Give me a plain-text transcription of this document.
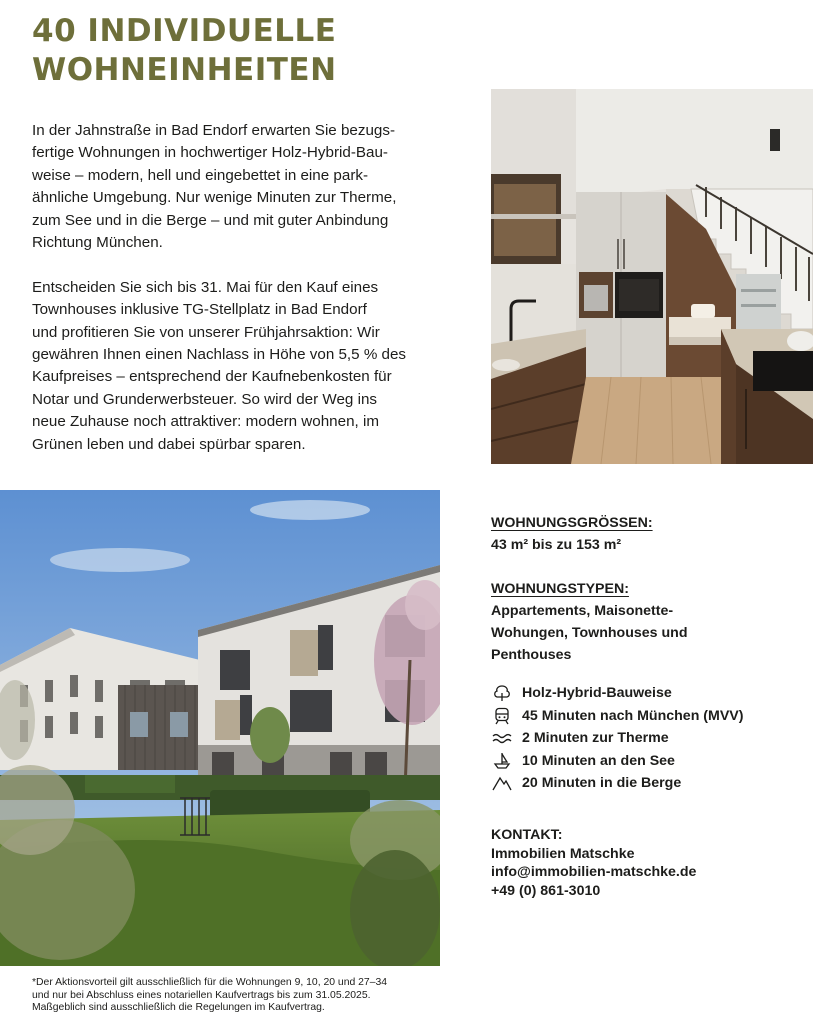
40 INDIVIDUELLE
WOHNEINHEITEN

In der Jahnstraße in Bad Endorf erwarten Sie bezugs-
fertige Wohnungen in hochwertiger Holz-Hybrid-Bau-
weise – modern, hell und eingebettet in eine park-
ähnliche Umgebung. Nur wenige Minuten zur Therme,
zum See und in die Berge – und mit guter Anbindung
Richtung München.

Entscheiden Sie sich bis 31. Mai für den Kauf eines
Townhouses inklusive TG-Stellplatz in Bad Endorf
und profitieren Sie von unserer Frühjahrsaktion: Wir
gewähren Ihnen einen Nachlass in Höhe von 5,5 % des
Kaufpreises – entsprechend der Kaufnebenkosten für
Notar und Grunderwerbsteuer. So wird der Weg ins
neue Zuhause noch attraktiver: modern wohnen, im
Grünen leben und dabei spürbar sparen.

WOHNUNGSGRÖSSEN:
43 m² bis zu 153 m²
WOHNUNGSTYPEN:
Appartements, Maisonette-
Wohungen, Townhouses und
Penthouses
Holz-Hybrid-Bauweise
45 Minuten nach München (MVV)
2 Minuten zur Therme
10 Minuten an den See
20 Minuten in die Berge
KONTAKT:
Immobilien Matschke
info@immobilien-matschke.de
+49 (0) 861-3010
*Der Aktionsvorteil gilt ausschließlich für die Wohnungen 9, 10, 20 und 27–34
und nur bei Abschluss eines notariellen Kaufvertrags bis zum 31.05.2025.
Maßgeblich sind ausschließlich die Regelungen im Kaufvertrag.
